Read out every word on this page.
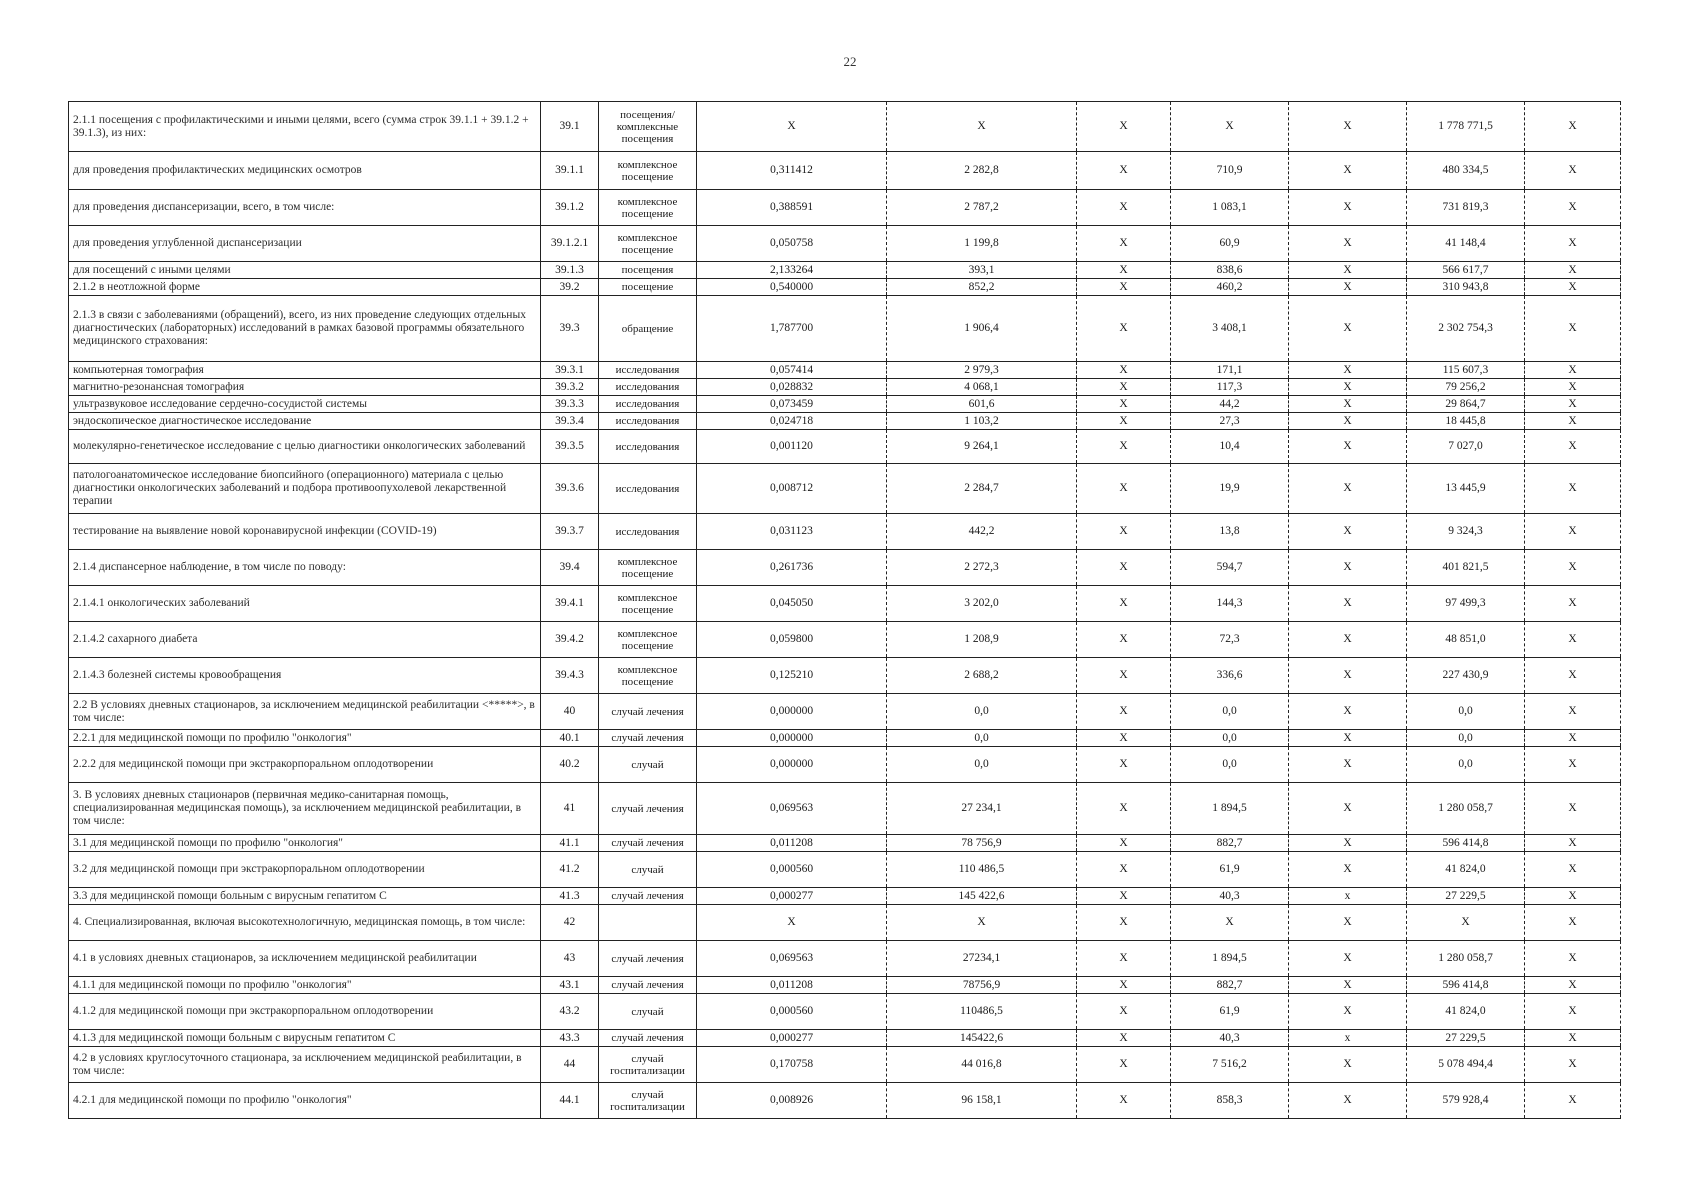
22
2.1.1 посещения с профилактическими и иными целями, всего (сумма строк 39.1.1 + 39.1.2 + 39.1.3), из них:	39.1	посещения/комплексные посещения	X	X	X	X	X	1 778 771,5	X
для проведения профилактических медицинских осмотров	39.1.1	комплексное посещение	0,311412	2 282,8	X	710,9	X	480 334,5	X
для проведения диспансеризации, всего, в том числе:	39.1.2	комплексное посещение	0,388591	2 787,2	X	1 083,1	X	731 819,3	X
для проведения углубленной диспансеризации	39.1.2.1	комплексное посещение	0,050758	1 199,8	X	60,9	X	41 148,4	X
для посещений с иными целями	39.1.3	посещения	2,133264	393,1	X	838,6	X	566 617,7	X
2.1.2 в неотложной форме	39.2	посещение	0,540000	852,2	X	460,2	X	310 943,8	X
2.1.3 в связи с заболеваниями (обращений), всего, из них проведение следующих отдельных диагностических (лабораторных) исследований в рамках базовой программы обязательного медицинского страхования:	39.3	обращение	1,787700	1 906,4	X	3 408,1	X	2 302 754,3	X
компьютерная томография	39.3.1	исследования	0,057414	2 979,3	X	171,1	X	115 607,3	X
магнитно-резонансная томография	39.3.2	исследования	0,028832	4 068,1	X	117,3	X	79 256,2	X
ультразвуковое исследование сердечно-сосудистой системы	39.3.3	исследования	0,073459	601,6	X	44,2	X	29 864,7	X
эндоскопическое диагностическое исследование	39.3.4	исследования	0,024718	1 103,2	X	27,3	X	18 445,8	X
молекулярно-генетическое исследование с целью диагностики онкологических заболеваний	39.3.5	исследования	0,001120	9 264,1	X	10,4	X	7 027,0	X
патологоанатомическое исследование биопсийного (операционного) материала с целью диагностики онкологических заболеваний и подбора противоопухолевой лекарственной терапии	39.3.6	исследования	0,008712	2 284,7	X	19,9	X	13 445,9	X
тестирование на выявление новой коронавирусной инфекции (COVID-19)	39.3.7	исследования	0,031123	442,2	X	13,8	X	9 324,3	X
2.1.4 диспансерное наблюдение, в том числе по поводу:	39.4	комплексное посещение	0,261736	2 272,3	X	594,7	X	401 821,5	X
2.1.4.1 онкологических заболеваний	39.4.1	комплексное посещение	0,045050	3 202,0	X	144,3	X	97 499,3	X
2.1.4.2 сахарного диабета	39.4.2	комплексное посещение	0,059800	1 208,9	X	72,3	X	48 851,0	X
2.1.4.3 болезней системы кровообращения	39.4.3	комплексное посещение	0,125210	2 688,2	X	336,6	X	227 430,9	X
2.2 В условиях дневных стационаров, за исключением медицинской реабилитации <*****>, в том числе:	40	случай лечения	0,000000	0,0	X	0,0	X	0,0	X
2.2.1 для медицинской помощи по профилю "онкология"	40.1	случай лечения	0,000000	0,0	X	0,0	X	0,0	X
2.2.2 для медицинской помощи при экстракорпоральном оплодотворении	40.2	случай	0,000000	0,0	X	0,0	X	0,0	X
3. В условиях дневных стационаров (первичная медико-санитарная помощь, специализированная медицинская помощь), за исключением медицинской реабилитации, в том числе:	41	случай лечения	0,069563	27 234,1	X	1 894,5	X	1 280 058,7	X
3.1 для медицинской помощи по профилю "онкология"	41.1	случай лечения	0,011208	78 756,9	X	882,7	X	596 414,8	X
3.2 для медицинской помощи при экстракорпоральном оплодотворении	41.2	случай	0,000560	110 486,5	X	61,9	X	41 824,0	X
3.3 для медицинской помощи больным с вирусным гепатитом С	41.3	случай лечения	0,000277	145 422,6	X	40,3	x	27 229,5	X
4. Специализированная, включая высокотехнологичную, медицинская помощь, в том числе:	42		X	X	X	X	X	X	X
4.1 в условиях дневных стационаров, за исключением медицинской реабилитации	43	случай лечения	0,069563	27234,1	X	1 894,5	X	1 280 058,7	X
4.1.1 для медицинской помощи по профилю "онкология"	43.1	случай лечения	0,011208	78756,9	X	882,7	X	596 414,8	X
4.1.2 для медицинской помощи при экстракорпоральном оплодотворении	43.2	случай	0,000560	110486,5	X	61,9	X	41 824,0	X
4.1.3 для медицинской помощи больным с вирусным гепатитом С	43.3	случай лечения	0,000277	145422,6	X	40,3	x	27 229,5	X
4.2 в условиях круглосуточного стационара, за исключением медицинской реабилитации, в том числе:	44	случай госпитализации	0,170758	44 016,8	X	7 516,2	X	5 078 494,4	X
4.2.1 для медицинской помощи по профилю "онкология"	44.1	случай госпитализации	0,008926	96 158,1	X	858,3	X	579 928,4	X
